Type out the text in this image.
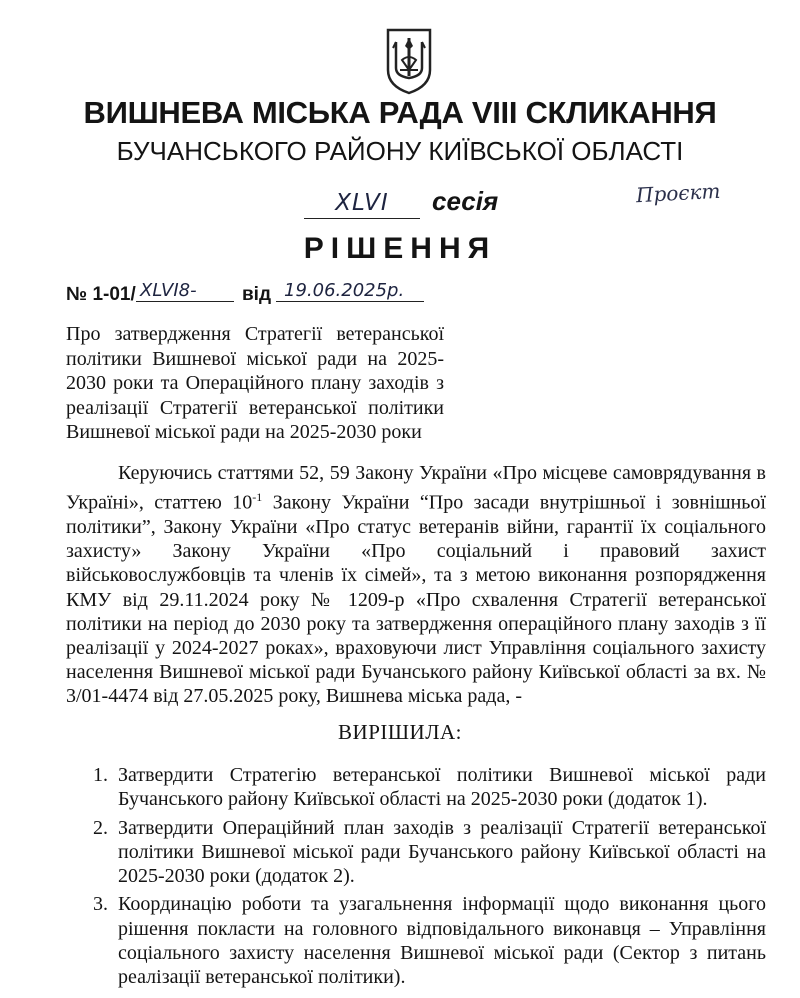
ВИШНЕВА МІСЬКА РАДА VIII СКЛИКАННЯ
БУЧАНСЬКОГО РАЙОНУ КИЇВСЬКОЇ ОБЛАСТІ
XLVI	сесія	Проєкт
РІШЕННЯ
№ 1-01/ XLVI8-	від 19.06.2025р.
Про затвердження Стратегії ветеранської політики Вишневої міської ради на 2025-2030 роки та Операційного плану заходів з реалізації Стратегії ветеранської політики Вишневої міської ради на 2025-2030 роки
Керуючись статтями 52, 59 Закону України «Про місцеве самоврядування в Україні», статтею $10^{-1}$ Закону України “Про засади внутрішньої і зовнішньої політики”, Закону України «Про статус ветеранів війни, гарантії їх соціального захисту» Закону України «Про соціальний і правовий захист військовослужбовців та членів їх сімей», та з метою виконання розпорядження КМУ від 29.11.2024 року № 1209-р «Про схвалення Стратегії ветеранської політики на період до 2030 року та затвердження операційного плану заходів з її реалізації у 2024-2027 роках», враховуючи лист Управління соціального захисту населення Вишневої міської ради Бучанського району Київської області за вх. № 3/01-4474 від 27.05.2025 року, Вишнева міська рада, -
ВИРІШИЛА:
1. Затвердити Стратегію ветеранської політики Вишневої міської ради Бучанського району Київської області на 2025-2030 роки (додаток 1).
2. Затвердити Операційний план заходів з реалізації Стратегії ветеранської політики Вишневої міської ради Бучанського району Київської області на 2025-2030 роки (додаток 2).
3. Координацію роботи та узагальнення інформації щодо виконання цього рішення покласти на головного відповідального виконавця – Управління соціального захисту населення Вишневої міської ради (Сектор з питань реалізації ветеранської політики).
